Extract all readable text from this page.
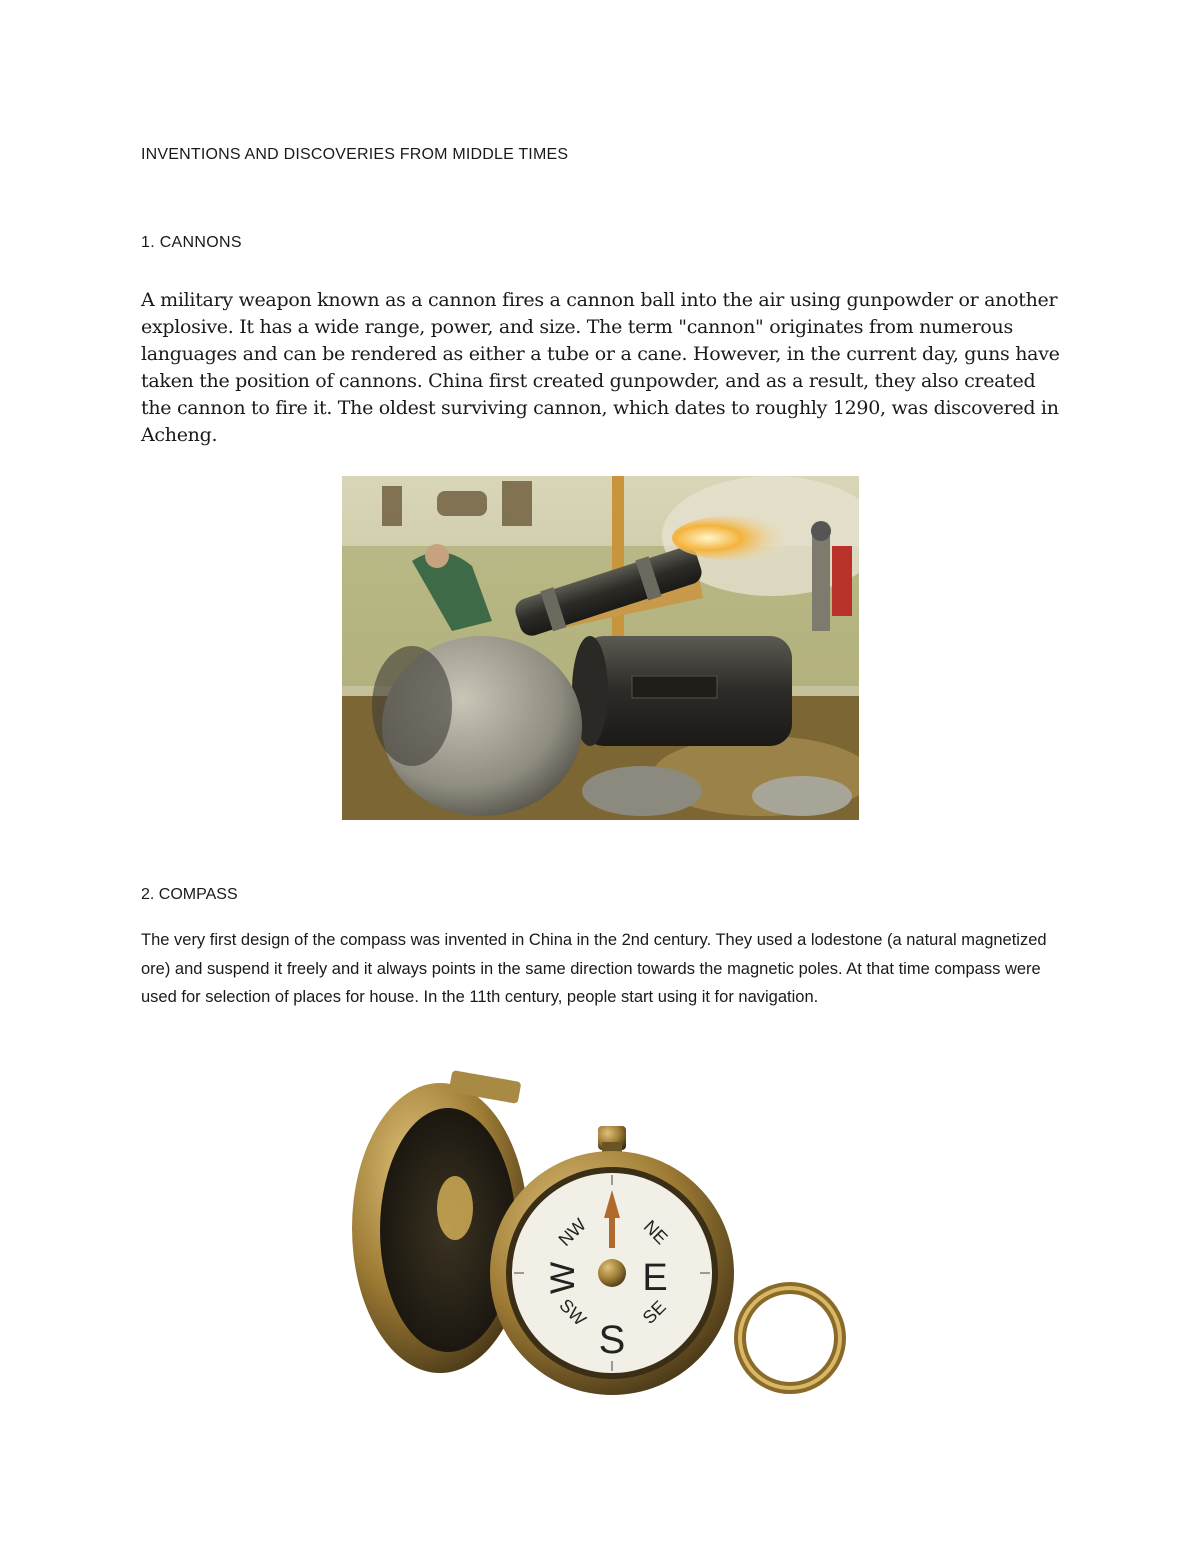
INVENTIONS AND DISCOVERIES FROM MIDDLE TIMES
1. CANNONS

A military weapon known as a cannon fires a cannon ball into the air using gunpowder or another explosive. It has a wide range, power, and size. The term "cannon" originates from numerous languages and can be rendered as either a tube or a cane. However, in the current day, guns have taken the position of cannons. China first created gunpowder, and as a result, they also created the cannon to fire it. The oldest surviving cannon, which dates to roughly 1290, was discovered in Acheng.

2. COMPASS

The very first design of the compass was invented in China in the 2nd century. They used a lodestone (a natural magnetized ore) and suspend it freely and it always points in the same direction towards the magnetic poles. At that time compass were used for selection of places for house. In the 11th century, people start using it for navigation.

S
E
W
NE
NW
SE
SW
